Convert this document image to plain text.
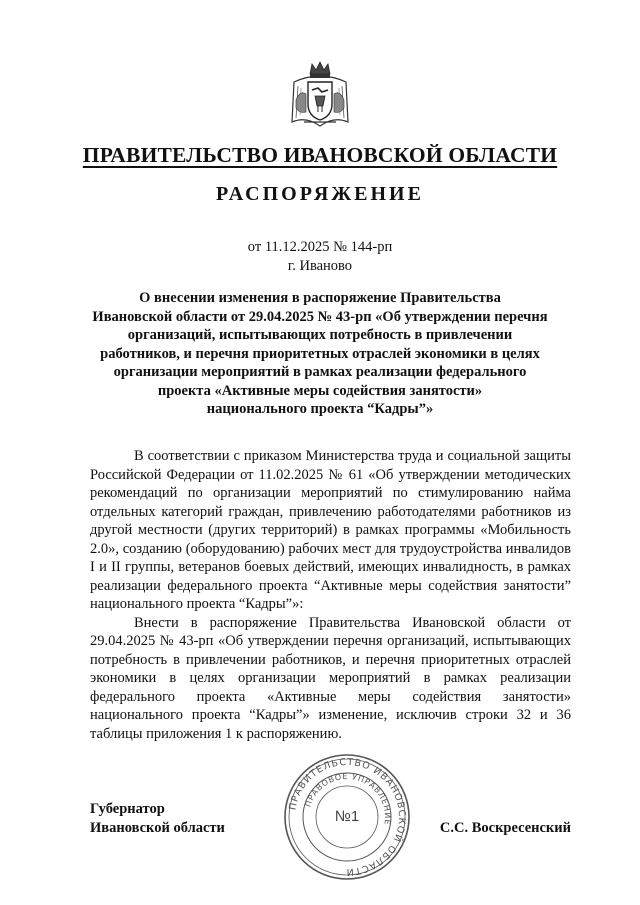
ПРАВИТЕЛЬСТВО ИВАНОВСКОЙ ОБЛАСТИ
РАСПОРЯЖЕНИЕ
от 11.12.2025 № 144-рп
г. Иваново
О внесении изменения в распоряжение Правительства
Ивановской области от 29.04.2025 № 43-рп «Об утверждении перечня
организаций, испытывающих потребность в привлечении
работников, и перечня приоритетных отраслей экономики в целях
организации мероприятий в рамках реализации федерального
проекта «Активные меры содействия занятости»
национального проекта “Кадры”»

В соответствии с приказом Министерства труда и социальной защиты Российской Федерации от 11.02.2025 № 61 «Об утверждении методических рекомендаций по организации мероприятий по стимулированию найма отдельных категорий граждан, привлечению работодателями работников из другой местности (других территорий) в рамках программы «Мобильность 2.0», созданию (оборудованию) рабочих мест для трудоустройства инвалидов I и II группы, ветеранов боевых действий, имеющих инвалидность, в рамках реализации федерального проекта “Активные меры содействия занятости” национального проекта “Кадры”»:

Внести в распоряжение Правительства Ивановской области от 29.04.2025 № 43-рп «Об утверждении перечня организаций, испытывающих потребность в привлечении работников, и перечня приоритетных отраслей экономики в целях организации мероприятий в рамках реализации федерального проекта «Активные меры содействия занятости» национального проекта “Кадры”» изменение, исключив строки 32 и 36 таблицы приложения 1 к распоряжению.

Губернатор
Ивановской области
ПРАВИТЕЛЬСТВО ИВАНОВСКОЙ ОБЛАСТИ
ПРАВОВОЕ УПРАВЛЕНИЕ
№1
С.С. Воскресенский
